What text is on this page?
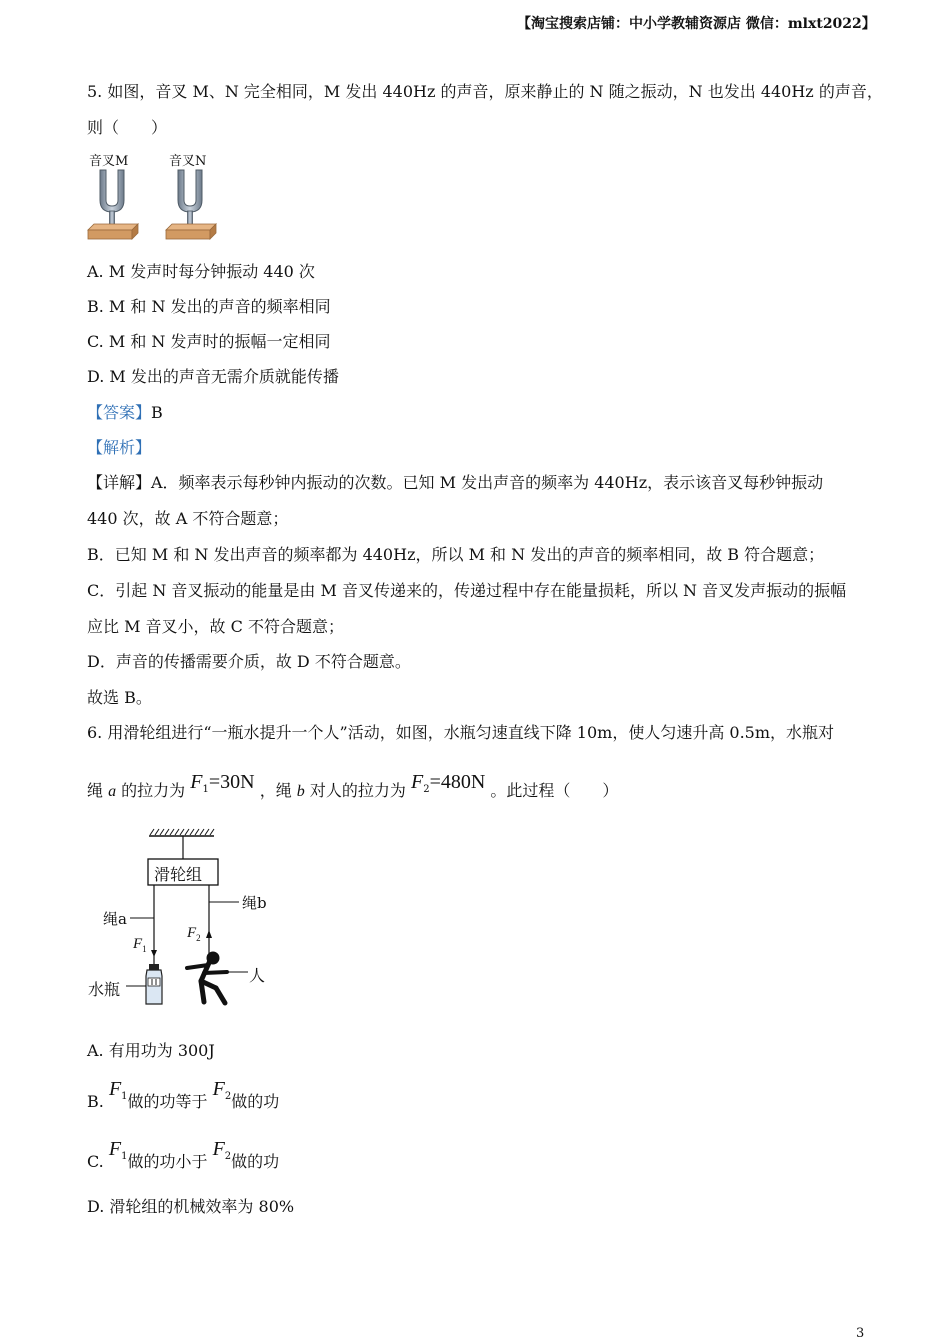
【淘宝搜索店铺：中小学教辅资源店 微信：mlxt2022】
5. 如图，音叉 M、N 完全相同，M 发出 440Hz 的声音，原来静止的 N 随之振动，N 也发出 440Hz 的声音，
则（　　）
音叉M	音叉N
A. M 发声时每分钟振动 440 次
B. M 和 N 发出的声音的频率相同
C. M 和 N 发声时的振幅一定相同
D. M 发出的声音无需介质就能传播
【答案】B
【解析】
【详解】A．频率表示每秒钟内振动的次数。已知 M 发出声音的频率为 440Hz，表示该音叉每秒钟振动
440 次，故 A 不符合题意；
B．已知 M 和 N 发出声音的频率都为 440Hz，所以 M 和 N 发出的声音的频率相同，故 B 符合题意；
C．引起 N 音叉振动的能量是由 M 音叉传递来的，传递过程中存在能量损耗，所以 N 音叉发声振动的振幅
应比 M 音叉小，故 C 不符合题意；
D．声音的传播需要介质，故 D 不符合题意。
故选 B。
6. 用滑轮组进行“一瓶水提升一个人”活动，如图，水瓶匀速直线下降 10m，使人匀速升高 0.5m，水瓶对
绳 a 的拉力为 $F_1=30N$ ，绳 b 对人的拉力为 $F_2=480N$ 。此过程（　　）
滑轮组
绳a
绳b
$F_1$
$F_2$
水瓶
人
A. 有用功为 300J
B. $F_1$做的功等于 $F_2$做的功
C. $F_1$做的功小于 $F_2$做的功
D. 滑轮组的机械效率为 80%
3
